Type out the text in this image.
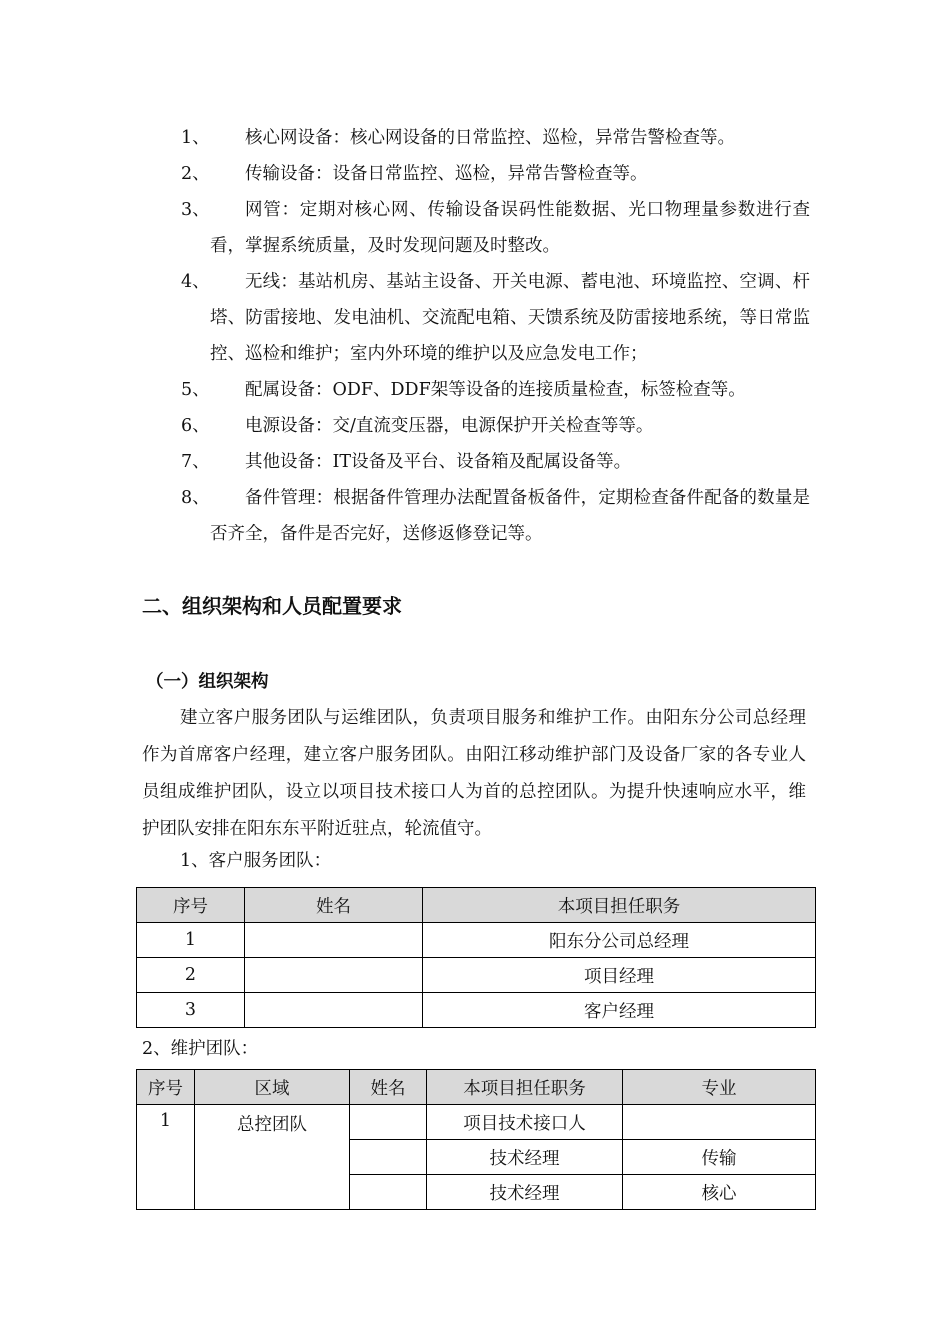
1、	核心网设备：核心网设备的日常监控、巡检，异常告警检查等。
2、	传输设备：设备日常监控、巡检，异常告警检查等。
3、	网管：定期对核心网、传输设备误码性能数据、光口物理量参数进行查看，掌握系统质量，及时发现问题及时整改。
4、	无线：基站机房、基站主设备、开关电源、蓄电池、环境监控、空调、杆塔、防雷接地、发电油机、交流配电箱、天馈系统及防雷接地系统，等日常监控、巡检和维护；室内外环境的维护以及应急发电工作；
5、	配属设备：ODF、DDF架等设备的连接质量检查，标签检查等。
6、	电源设备：交/直流变压器，电源保护开关检查等等。
7、	其他设备：IT设备及平台、设备箱及配属设备等。
8、	备件管理：根据备件管理办法配置备板备件，定期检查备件配备的数量是否齐全，备件是否完好，送修返修登记等。
二、组织架构和人员配置要求
（一）组织架构

建立客户服务团队与运维团队，负责项目服务和维护工作。由阳东分公司总经理作为首席客户经理，建立客户服务团队。由阳江移动维护部门及设备厂家的各专业人员组成维护团队，设立以项目技术接口人为首的总控团队。为提升快速响应水平，维护团队安排在阳东东平附近驻点，轮流值守。

1、客户服务团队：

序号	姓名	本项目担任职务
1		阳东分公司总经理
2		项目经理
3		客户经理

2、维护团队：

序号	区域	姓名	本项目担任职务	专业
1	总控团队		项目技术接口人	
			技术经理	传输
			技术经理	核心
